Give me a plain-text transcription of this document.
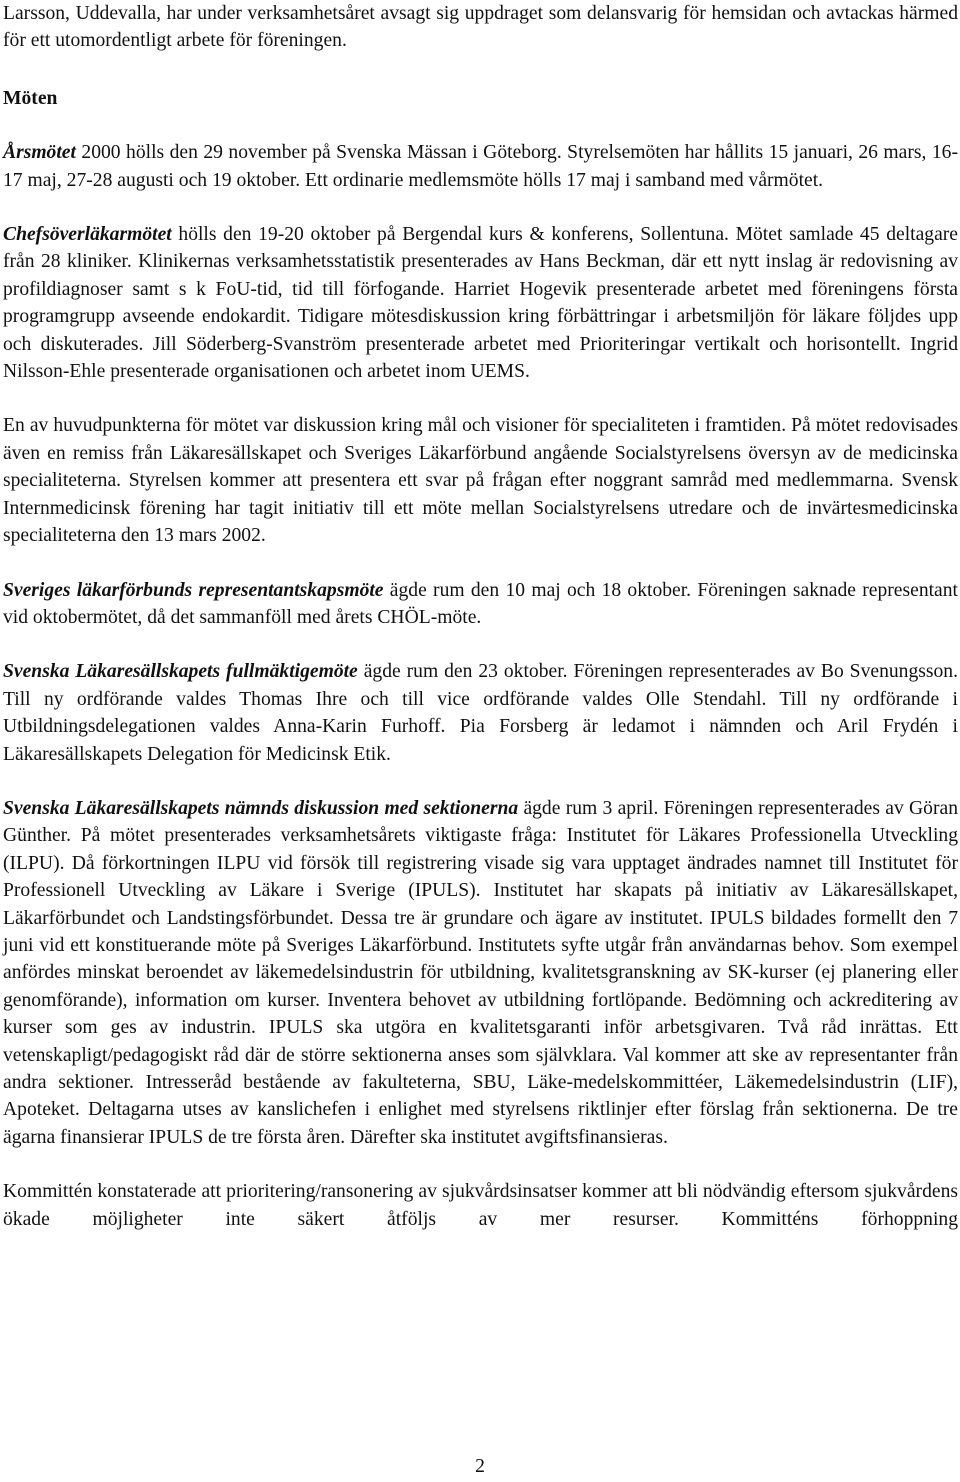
Larsson, Uddevalla, har under verksamhetsåret avsagt sig uppdraget som delansvarig för hemsidan och avtackas härmed för ett utomordentligt arbete för föreningen.

Möten

Årsmötet 2000 hölls den 29 november på Svenska Mässan i Göteborg. Styrelsemöten har hållits 15 januari, 26 mars, 16-17 maj, 27-28 augusti och 19 oktober. Ett ordinarie medlemsmöte hölls 17 maj i samband med vårmötet.

Chefsöverläkarmötet hölls den 19-20 oktober på Bergendal kurs & konferens, Sollentuna. Mötet samlade 45 deltagare från 28 kliniker. Klinikernas verksamhetsstatistik presenterades av Hans Beckman, där ett nytt inslag är redovisning av profildiagnoser samt s k FoU-tid, tid till förfogande. Harriet Hogevik presenterade arbetet med föreningens första programgrupp avseende endokardit. Tidigare mötesdiskussion kring förbättringar i arbetsmiljön för läkare följdes upp och diskuterades. Jill Söderberg-Svanström presenterade arbetet med Prioriteringar vertikalt och horisontellt. Ingrid Nilsson-Ehle presenterade organisationen och arbetet inom UEMS.

En av huvudpunkterna för mötet var diskussion kring mål och visioner för specialiteten i framtiden. På mötet redovisades även en remiss från Läkaresällskapet och Sveriges Läkarförbund angående Socialstyrelsens översyn av de medicinska specialiteterna. Styrelsen kommer att presentera ett svar på frågan efter noggrant samråd med medlemmarna. Svensk Internmedicinsk förening har tagit initiativ till ett möte mellan Socialstyrelsens utredare och de invärtesmedicinska specialiteterna den 13 mars 2002.

Sveriges läkarförbunds representantskapsmöte ägde rum den 10 maj och 18 oktober. Föreningen saknade representant vid oktobermötet, då det sammanföll med årets CHÖL-möte.

Svenska Läkaresällskapets fullmäktigemöte ägde rum den 23 oktober. Föreningen representerades av Bo Svenungsson. Till ny ordförande valdes Thomas Ihre och till vice ordförande valdes Olle Stendahl. Till ny ordförande i Utbildningsdelegationen valdes Anna-Karin Furhoff. Pia Forsberg är ledamot i nämnden och Aril Frydén i Läkaresällskapets Delegation för Medicinsk Etik.

Svenska Läkaresällskapets nämnds diskussion med sektionerna ägde rum 3 april. Föreningen representerades av Göran Günther. På mötet presenterades verksamhetsårets viktigaste fråga: Institutet för Läkares Professionella Utveckling (ILPU). Då förkortningen ILPU vid försök till registrering visade sig vara upptaget ändrades namnet till Institutet för Professionell Utveckling av Läkare i Sverige (IPULS). Institutet har skapats på initiativ av Läkaresällskapet, Läkarförbundet och Landstingsförbundet. Dessa tre är grundare och ägare av institutet. IPULS bildades formellt den 7 juni vid ett konstituerande möte på Sveriges Läkarförbund. Institutets syfte utgår från användarnas behov. Som exempel anfördes minskat beroendet av läkemedelsindustrin för utbildning, kvalitetsgranskning av SK-kurser (ej planering eller genomförande), information om kurser. Inventera behovet av utbildning fortlöpande. Bedömning och ackreditering av kurser som ges av industrin. IPULS ska utgöra en kvalitetsgaranti inför arbetsgivaren. Två råd inrättas. Ett vetenskapligt/pedagogiskt råd där de större sektionerna anses som självklara. Val kommer att ske av representanter från andra sektioner. Intresseråd bestående av fakulteterna, SBU, Läke-medelskommittéer, Läkemedelsindustrin (LIF), Apoteket. Deltagarna utses av kanslichefen i enlighet med styrelsens riktlinjer efter förslag från sektionerna. De tre ägarna finansierar IPULS de tre första åren. Därefter ska institutet avgiftsfinansieras.

Kommittén konstaterade att prioritering/ransonering av sjukvårdsinsatser kommer att bli nödvändig eftersom sjukvårdens ökade möjligheter inte säkert åtföljs av mer resurser. Kommitténs förhoppning

2
